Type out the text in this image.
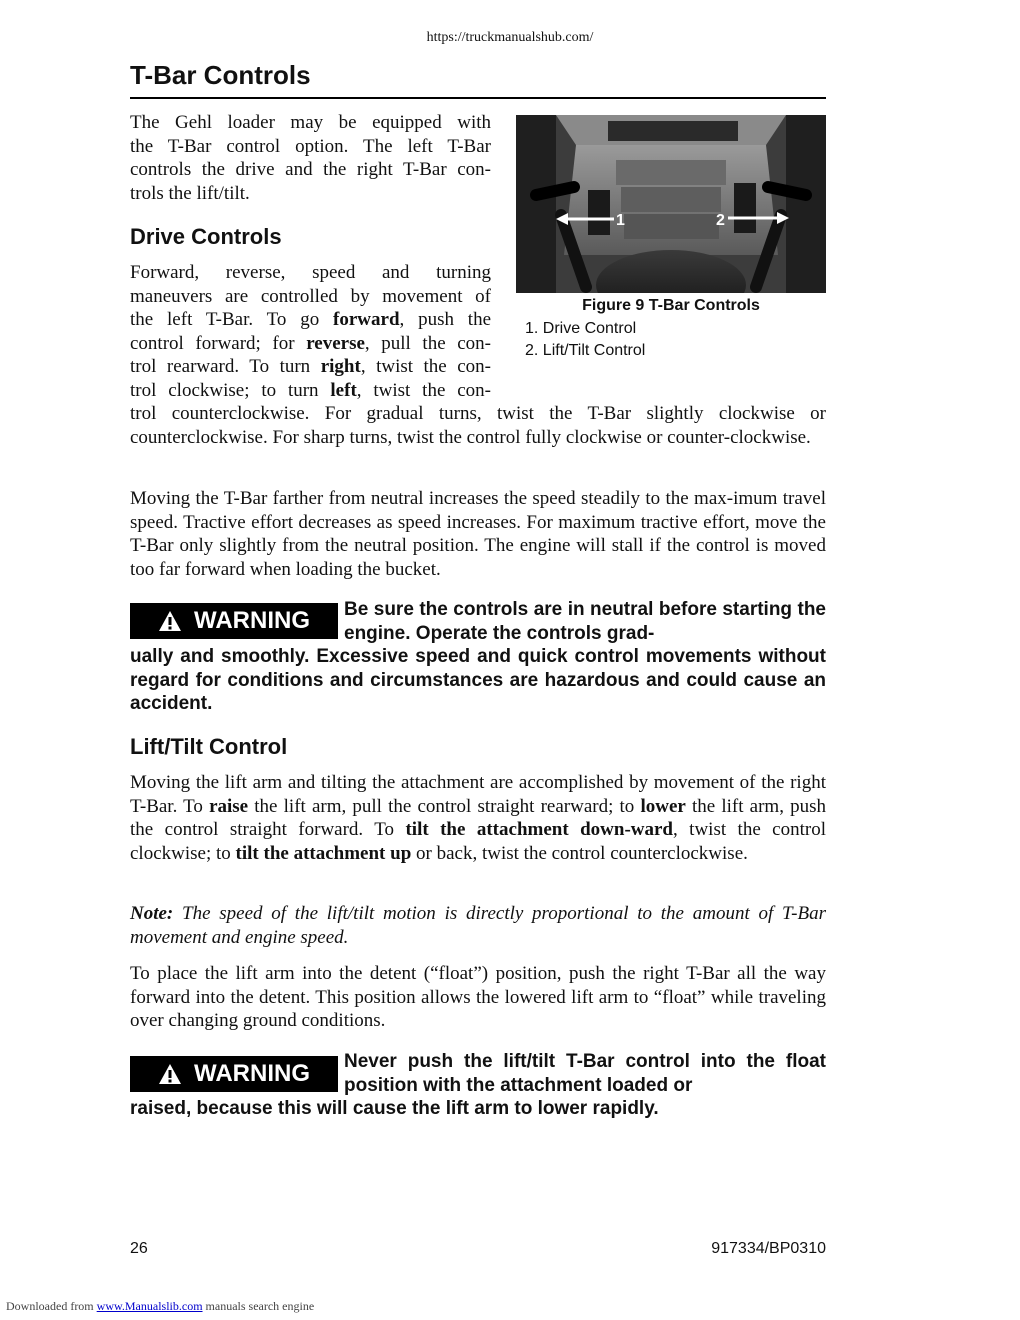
https://truckmanualshub.com/
T-Bar Controls

The Gehl loader may be equipped with

the T-Bar control option. The left T-Bar

controls the drive and the right T-Bar con-

trols the lift/tilt.

1	2
Figure 9 T-Bar Controls
1. Drive Control
2. Lift/Tilt Control
Drive Controls

Forward, reverse, speed and turning

maneuvers are controlled by movement of

the left T-Bar. To go forward, push the

control forward; for reverse, pull the con-

trol rearward. To turn right, twist the con-

trol clockwise; to turn left, twist the con-

trol counterclockwise. For gradual turns, twist the T-Bar slightly clockwise or counterclockwise. For sharp turns, twist the control fully clockwise or counter-clockwise.

Moving the T-Bar farther from neutral increases the speed steadily to the max-imum travel speed. Tractive effort decreases as speed increases. For maximum tractive effort, move the T-Bar only slightly from the neutral position. The engine will stall if the control is moved too far forward when loading the bucket.

WARNING Be sure the controls are in neutral before starting the engine. Operate the controls grad-
ually and smoothly. Excessive speed and quick control movements without regard for conditions and circumstances are hazardous and could cause an accident.

Lift/Tilt Control

Moving the lift arm and tilting the attachment are accomplished by movement of the right T-Bar. To raise the lift arm, pull the control straight rearward; to lower the lift arm, push the control straight forward. To tilt the attachment down-ward, twist the control clockwise; to tilt the attachment up or back, twist the control counterclockwise.

Note: The speed of the lift/tilt motion is directly proportional to the amount of T-Bar movement and engine speed.

To place the lift arm into the detent (“float”) position, push the right T-Bar all the way forward into the detent. This position allows the lowered lift arm to “float” while traveling over changing ground conditions.

WARNING Never push the lift/tilt T-Bar control into the float position with the attachment loaded or
raised, because this will cause the lift arm to lower rapidly.

26	917334/BP0310
Downloaded from www.Manualslib.com manuals search engine
